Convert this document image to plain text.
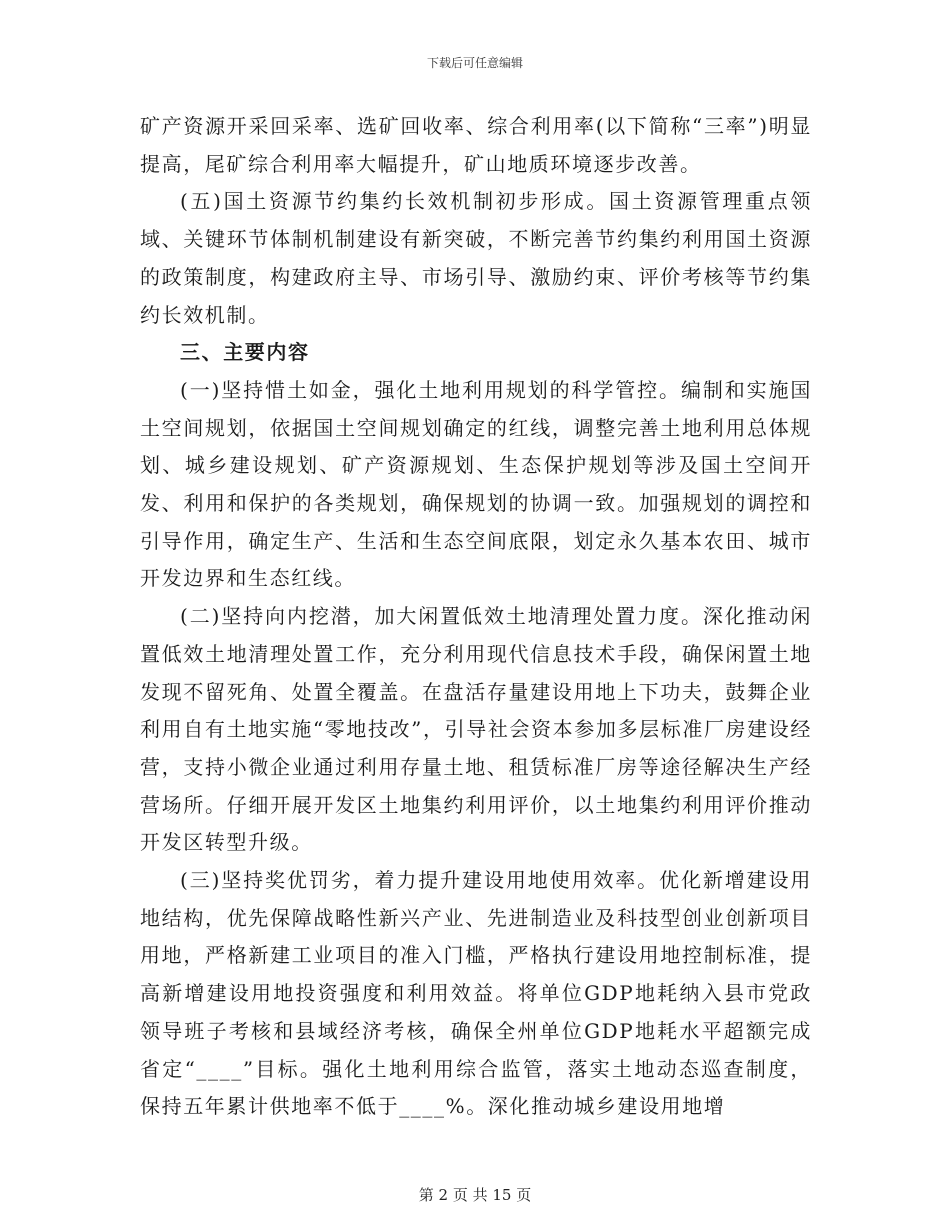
下载后可任意编辑

矿产资源开采回采率、选矿回收率、综合利用率(以下简称“三率”)明显提高，尾矿综合利用率大幅提升，矿山地质环境逐步改善。

(五)国土资源节约集约长效机制初步形成。国土资源管理重点领域、关键环节体制机制建设有新突破，不断完善节约集约利用国土资源的政策制度，构建政府主导、市场引导、激励约束、评价考核等节约集约长效机制。

三、主要内容

(一)坚持惜土如金，强化土地利用规划的科学管控。编制和实施国土空间规划，依据国土空间规划确定的红线，调整完善土地利用总体规划、城乡建设规划、矿产资源规划、生态保护规划等涉及国土空间开发、利用和保护的各类规划，确保规划的协调一致。加强规划的调控和引导作用，确定生产、生活和生态空间底限，划定永久基本农田、城市开发边界和生态红线。

(二)坚持向内挖潜，加大闲置低效土地清理处置力度。深化推动闲置低效土地清理处置工作，充分利用现代信息技术手段，确保闲置土地发现不留死角、处置全覆盖。在盘活存量建设用地上下功夫，鼓舞企业利用自有土地实施“零地技改”，引导社会资本参加多层标准厂房建设经营，支持小微企业通过利用存量土地、租赁标准厂房等途径解决生产经营场所。仔细开展开发区土地集约利用评价，以土地集约利用评价推动开发区转型升级。

(三)坚持奖优罚劣，着力提升建设用地使用效率。优化新增建设用地结构，优先保障战略性新兴产业、先进制造业及科技型创业创新项目用地，严格新建工业项目的准入门槛，严格执行建设用地控制标准，提高新增建设用地投资强度和利用效益。将单位GDP地耗纳入县市党政领导班子考核和县域经济考核，确保全州单位GDP地耗水平超额完成省定“____”目标。强化土地利用综合监管，落实土地动态巡查制度，保持五年累计供地率不低于____%。深化推动城乡建设用地增

第 2 页 共 15 页
